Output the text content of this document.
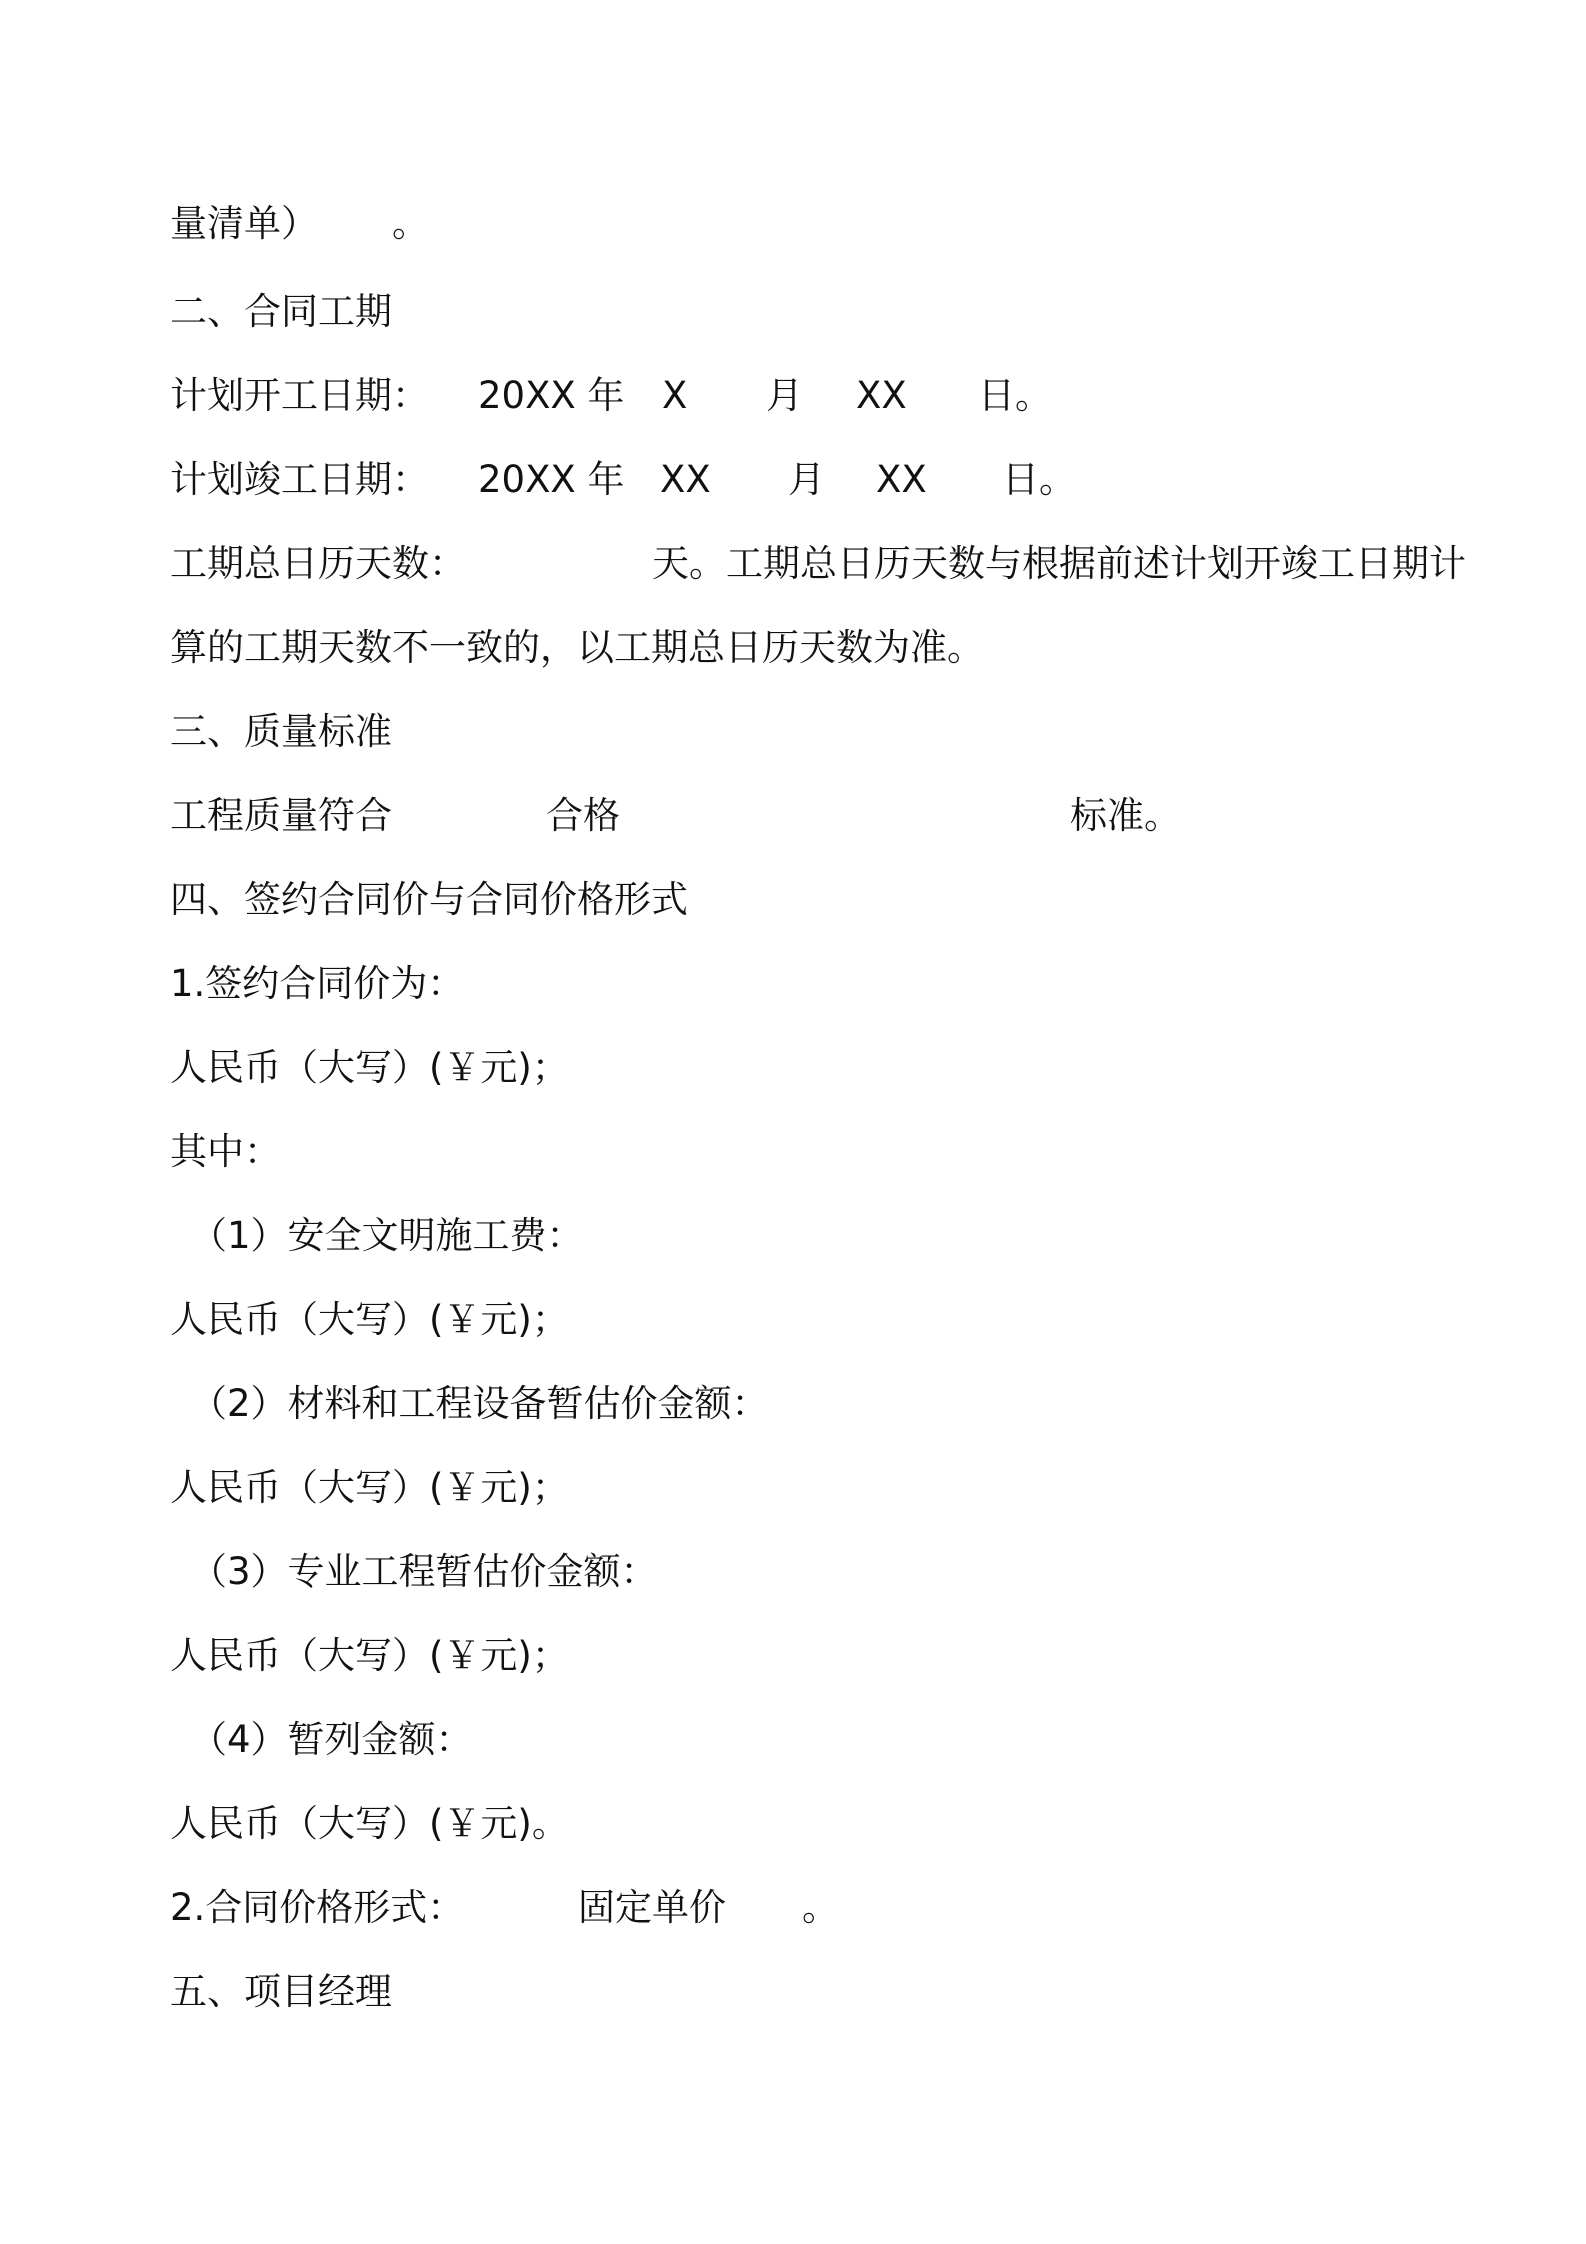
量清单） 。
二、合同工期
计划开工日期： 20XX 年 X 月 XX 日。
计划竣工日期： 20XX 年 XX 月 XX 日。
工期总日历天数：	天。工期总日历天数与根据前述计划开竣工日期计
算的工期天数不一致的，以工期总日历天数为准。
三、质量标准
工程质量符合	合格	标准。
四、签约合同价与合同价格形式
1.签约合同价为：
人民币（大写）(￥元)；
其中：
（1）安全文明施工费：
人民币（大写）(￥元)；
（2）材料和工程设备暂估价金额：
人民币（大写）(￥元)；
（3）专业工程暂估价金额：
人民币（大写）(￥元)；
（4）暂列金额：
人民币（大写）(￥元)。
2.合同价格形式：	固定单价 。
五、项目经理
